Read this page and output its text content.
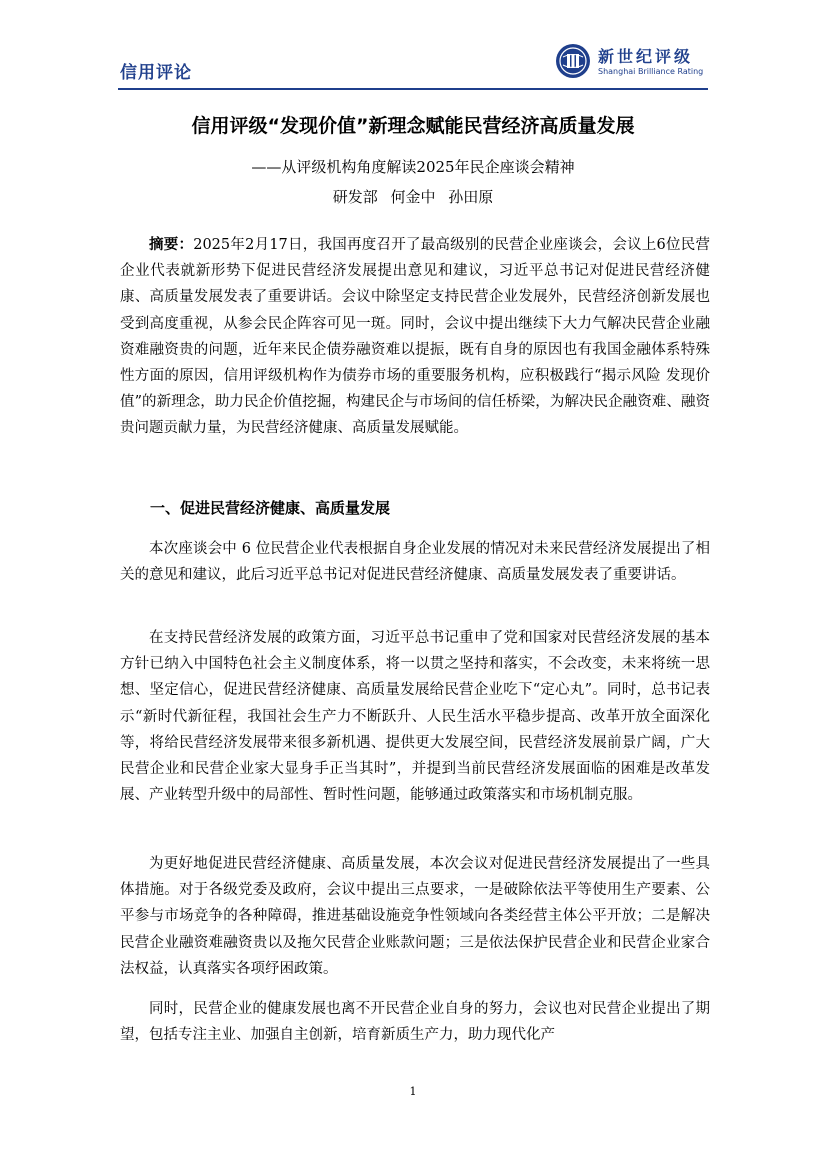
信用评论
新世纪评级
Shanghai Brilliance Rating
信用评级“发现价值”新理念赋能民营经济高质量发展

——从评级机构角度解读2025年民企座谈会精神

研发部 何金中 孙田原

摘要：2025年2月17日，我国再度召开了最高级别的民营企业座谈会，会议上6位民营企业代表就新形势下促进民营经济发展提出意见和建议，习近平总书记对促进民营经济健康、高质量发展发表了重要讲话。会议中除坚定支持民营企业发展外，民营经济创新发展也受到高度重视，从参会民企阵容可见一斑。同时，会议中提出继续下大力气解决民营企业融资难融资贵的问题，近年来民企债券融资难以提振，既有自身的原因也有我国金融体系特殊性方面的原因，信用评级机构作为债券市场的重要服务机构，应积极践行“揭示风险 发现价值”的新理念，助力民企价值挖掘，构建民企与市场间的信任桥梁，为解决民企融资难、融资贵问题贡献力量，为民营经济健康、高质量发展赋能。

一、促进民营经济健康、高质量发展

本次座谈会中 6 位民营企业代表根据自身企业发展的情况对未来民营经济发展提出了相关的意见和建议，此后习近平总书记对促进民营经济健康、高质量发展发表了重要讲话。

在支持民营经济发展的政策方面，习近平总书记重申了党和国家对民营经济发展的基本方针已纳入中国特色社会主义制度体系，将一以贯之坚持和落实，不会改变，未来将统一思想、坚定信心，促进民营经济健康、高质量发展给民营企业吃下“定心丸”。同时，总书记表示“新时代新征程，我国社会生产力不断跃升、人民生活水平稳步提高、改革开放全面深化等，将给民营经济发展带来很多新机遇、提供更大发展空间，民营经济发展前景广阔，广大民营企业和民营企业家大显身手正当其时”，并提到当前民营经济发展面临的困难是改革发展、产业转型升级中的局部性、暂时性问题，能够通过政策落实和市场机制克服。

为更好地促进民营经济健康、高质量发展，本次会议对促进民营经济发展提出了一些具体措施。对于各级党委及政府，会议中提出三点要求，一是破除依法平等使用生产要素、公平参与市场竞争的各种障碍，推进基础设施竞争性领域向各类经营主体公平开放；二是解决民营企业融资难融资贵以及拖欠民营企业账款问题；三是依法保护民营企业和民营企业家合法权益，认真落实各项纾困政策。

同时，民营企业的健康发展也离不开民营企业自身的努力，会议也对民营企业提出了期望，包括专注主业、加强自主创新，培育新质生产力，助力现代化产

1
